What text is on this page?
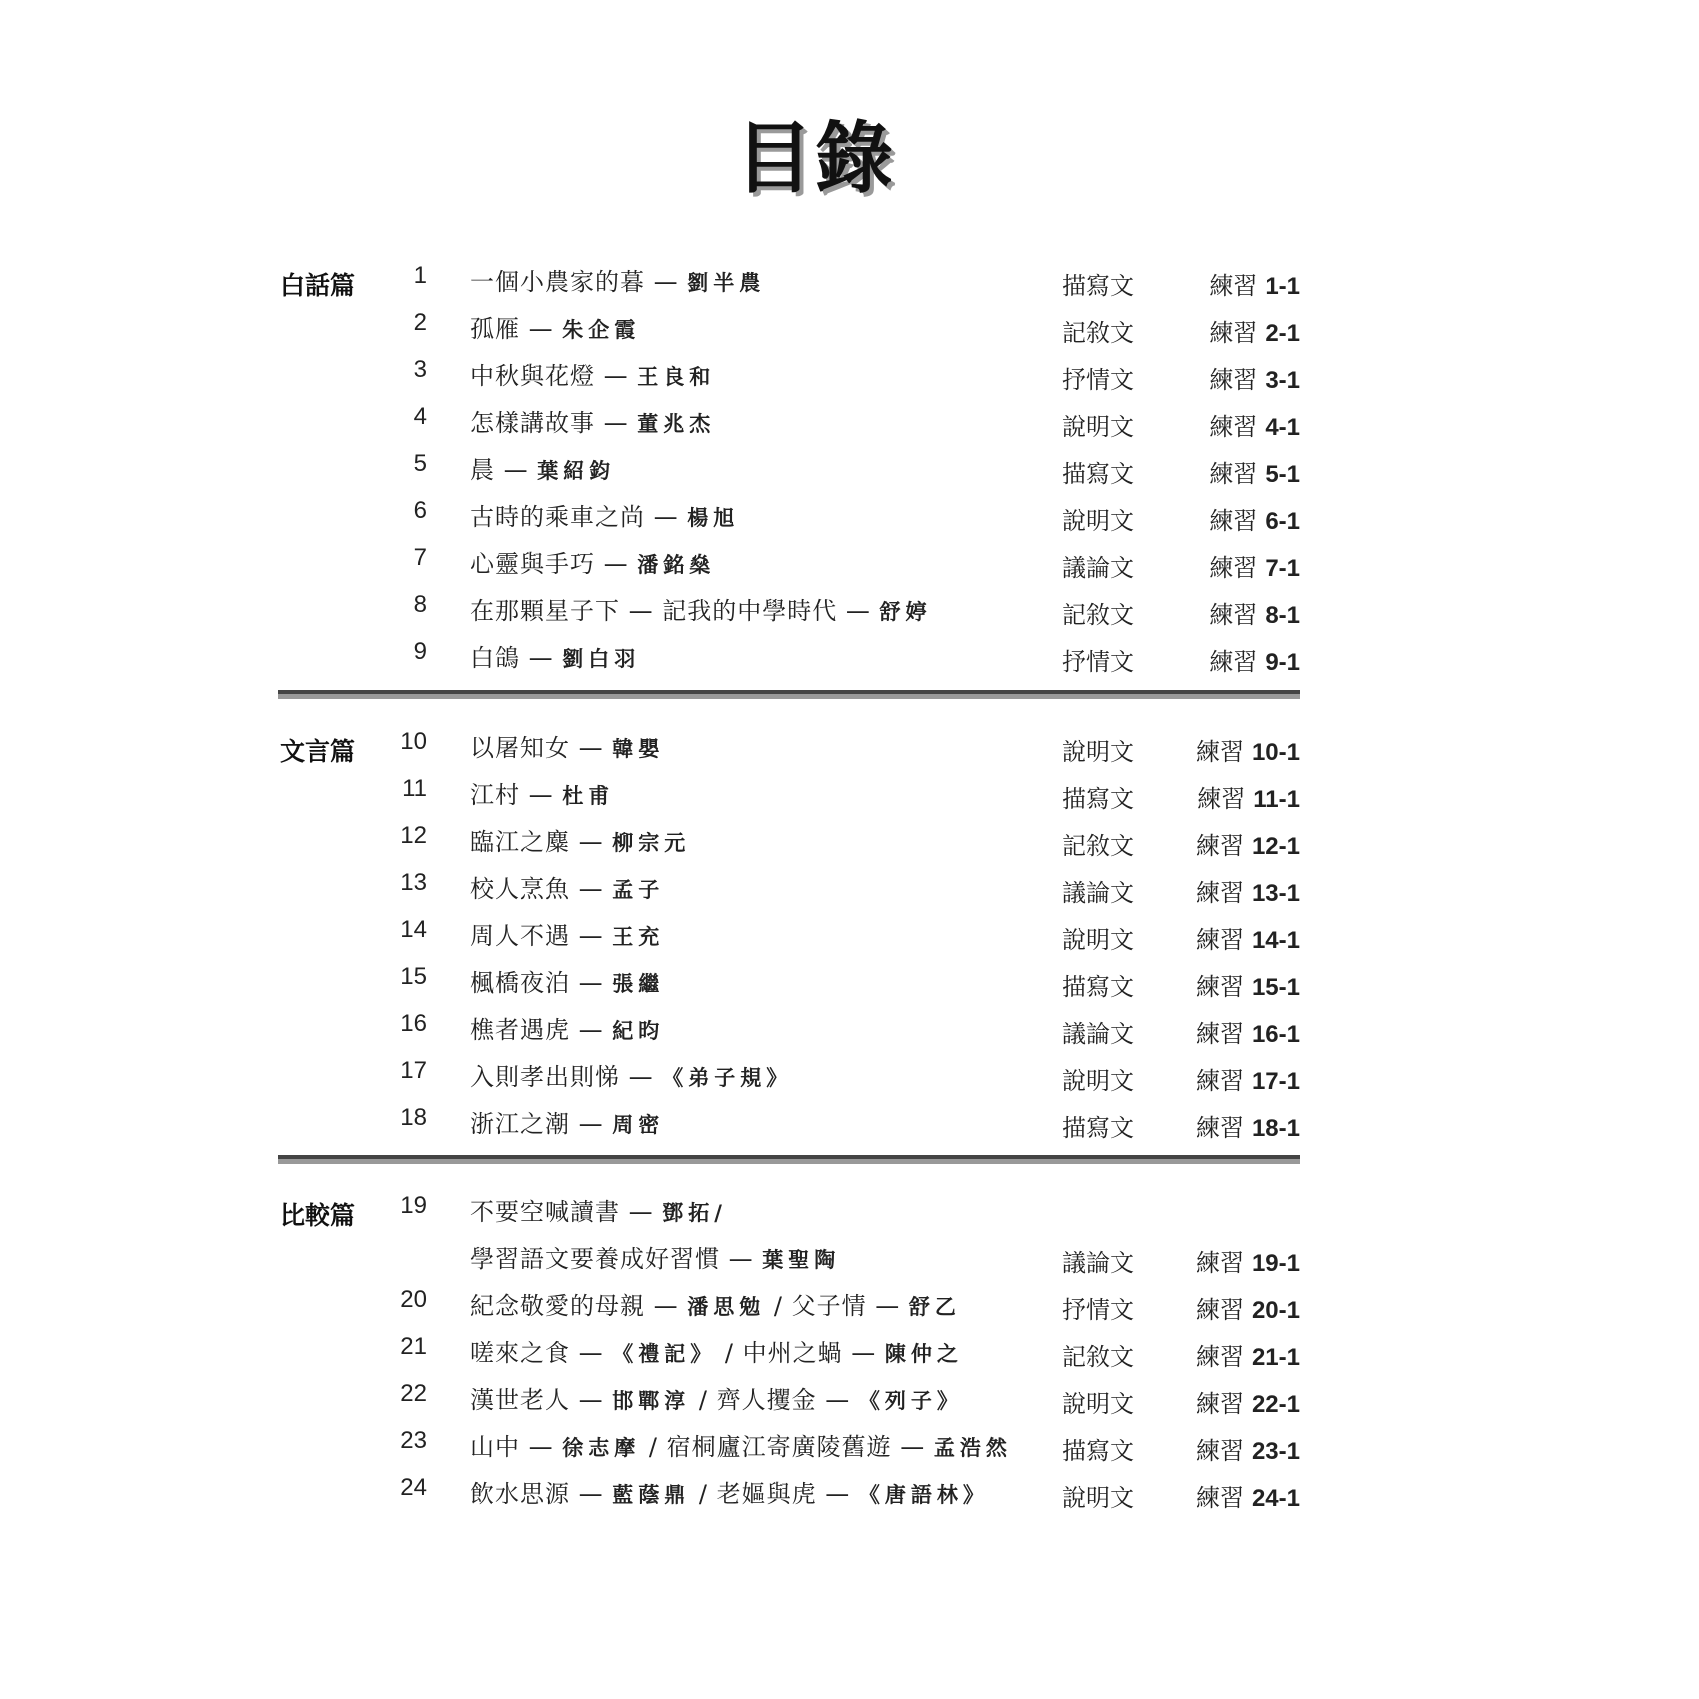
目錄
白話篇	1 一個小農家的暮 — 劉半農	描寫文	練習 1-1
2 孤雁 — 朱企霞	記敘文	練習 2-1
3 中秋與花燈 — 王良和	抒情文	練習 3-1
4 怎樣講故事 — 董兆杰	說明文	練習 4-1
5 晨 — 葉紹鈞	描寫文	練習 5-1
6 古時的乘車之尚 — 楊旭	說明文	練習 6-1
7 心靈與手巧 — 潘銘燊	議論文	練習 7-1
8 在那顆星子下 — 記我的中學時代 — 舒婷	記敘文	練習 8-1
9 白鴿 — 劉白羽	抒情文	練習 9-1
文言篇	10 以屠知女 — 韓嬰	說明文	練習 10-1
11 江村 — 杜甫	描寫文	練習 11-1
12 臨江之麋 — 柳宗元	記敘文	練習 12-1
13 校人烹魚 — 孟子	議論文	練習 13-1
14 周人不遇 — 王充	說明文	練習 14-1
15 楓橋夜泊 — 張繼	描寫文	練習 15-1
16 樵者遇虎 — 紀昀	議論文	練習 16-1
17 入則孝出則悌 — 《弟子規》	說明文	練習 17-1
18 浙江之潮 — 周密	描寫文	練習 18-1
比較篇	19 不要空喊讀書 — 鄧拓/
學習語文要養成好習慣 — 葉聖陶	議論文	練習 19-1
20 紀念敬愛的母親 — 潘思勉 / 父子情 — 舒乙	抒情文	練習 20-1
21 嗟來之食 — 《禮記》 / 中州之蝸 — 陳仲之	記敘文	練習 21-1
22 漢世老人 — 邯鄲淳 / 齊人攫金 — 《列子》	說明文	練習 22-1
23 山中 — 徐志摩 / 宿桐廬江寄廣陵舊遊 — 孟浩然 描寫文	練習 23-1
24 飲水思源 — 藍蔭鼎 / 老嫗與虎 — 《唐語林》	說明文	練習 24-1
